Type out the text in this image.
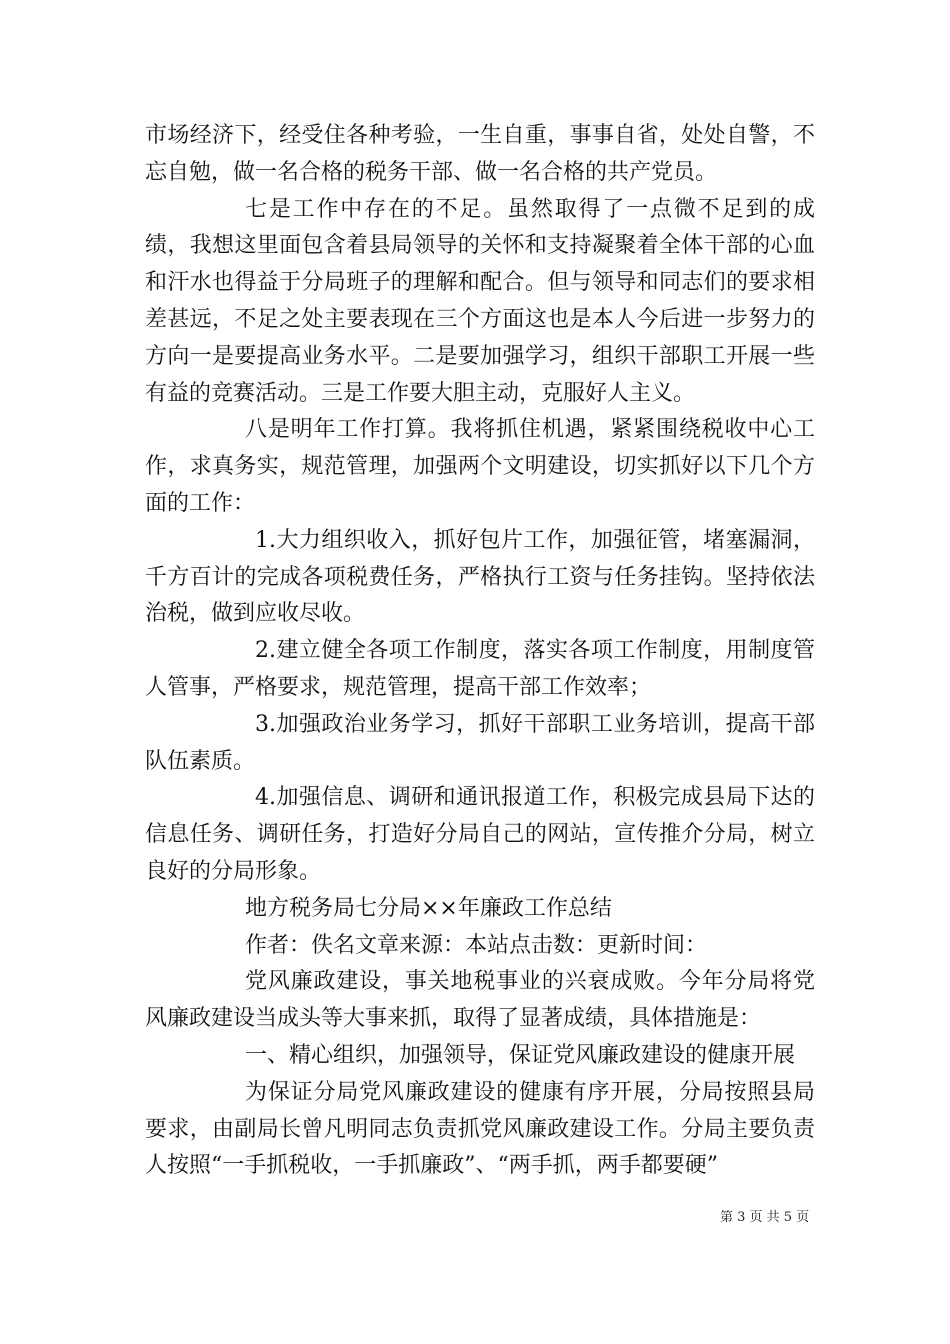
市场经济下，经受住各种考验，一生自重，事事自省，处处自警，不忘自勉，做一名合格的税务干部、做一名合格的共产党员。

七是工作中存在的不足。虽然取得了一点微不足到的成绩，我想这里面包含着县局领导的关怀和支持凝聚着全体干部的心血和汗水也得益于分局班子的理解和配合。但与领导和同志们的要求相差甚远，不足之处主要表现在三个方面这也是本人今后进一步努力的方向一是要提高业务水平。二是要加强学习，组织干部职工开展一些有益的竞赛活动。三是工作要大胆主动，克服好人主义。

八是明年工作打算。我将抓住机遇，紧紧围绕税收中心工作，求真务实，规范管理，加强两个文明建设，切实抓好以下几个方面的工作：

1.大力组织收入，抓好包片工作，加强征管，堵塞漏洞，千方百计的完成各项税费任务，严格执行工资与任务挂钩。坚持依法治税，做到应收尽收。

2.建立健全各项工作制度，落实各项工作制度，用制度管人管事，严格要求，规范管理，提高干部工作效率；

3.加强政治业务学习，抓好干部职工业务培训，提高干部队伍素质。

4.加强信息、调研和通讯报道工作，积极完成县局下达的信息任务、调研任务，打造好分局自己的网站，宣传推介分局，树立良好的分局形象。

地方税务局七分局××年廉政工作总结

作者：佚名文章来源：本站点击数：更新时间：

党风廉政建设，事关地税事业的兴衰成败。今年分局将党风廉政建设当成头等大事来抓，取得了显著成绩，具体措施是：

一、精心组织，加强领导，保证党风廉政建设的健康开展

为保证分局党风廉政建设的健康有序开展，分局按照县局要求，由副局长曾凡明同志负责抓党风廉政建设工作。分局主要负责人按照“一手抓税收，一手抓廉政”、“两手抓，两手都要硬”

第 3 页 共 5 页
